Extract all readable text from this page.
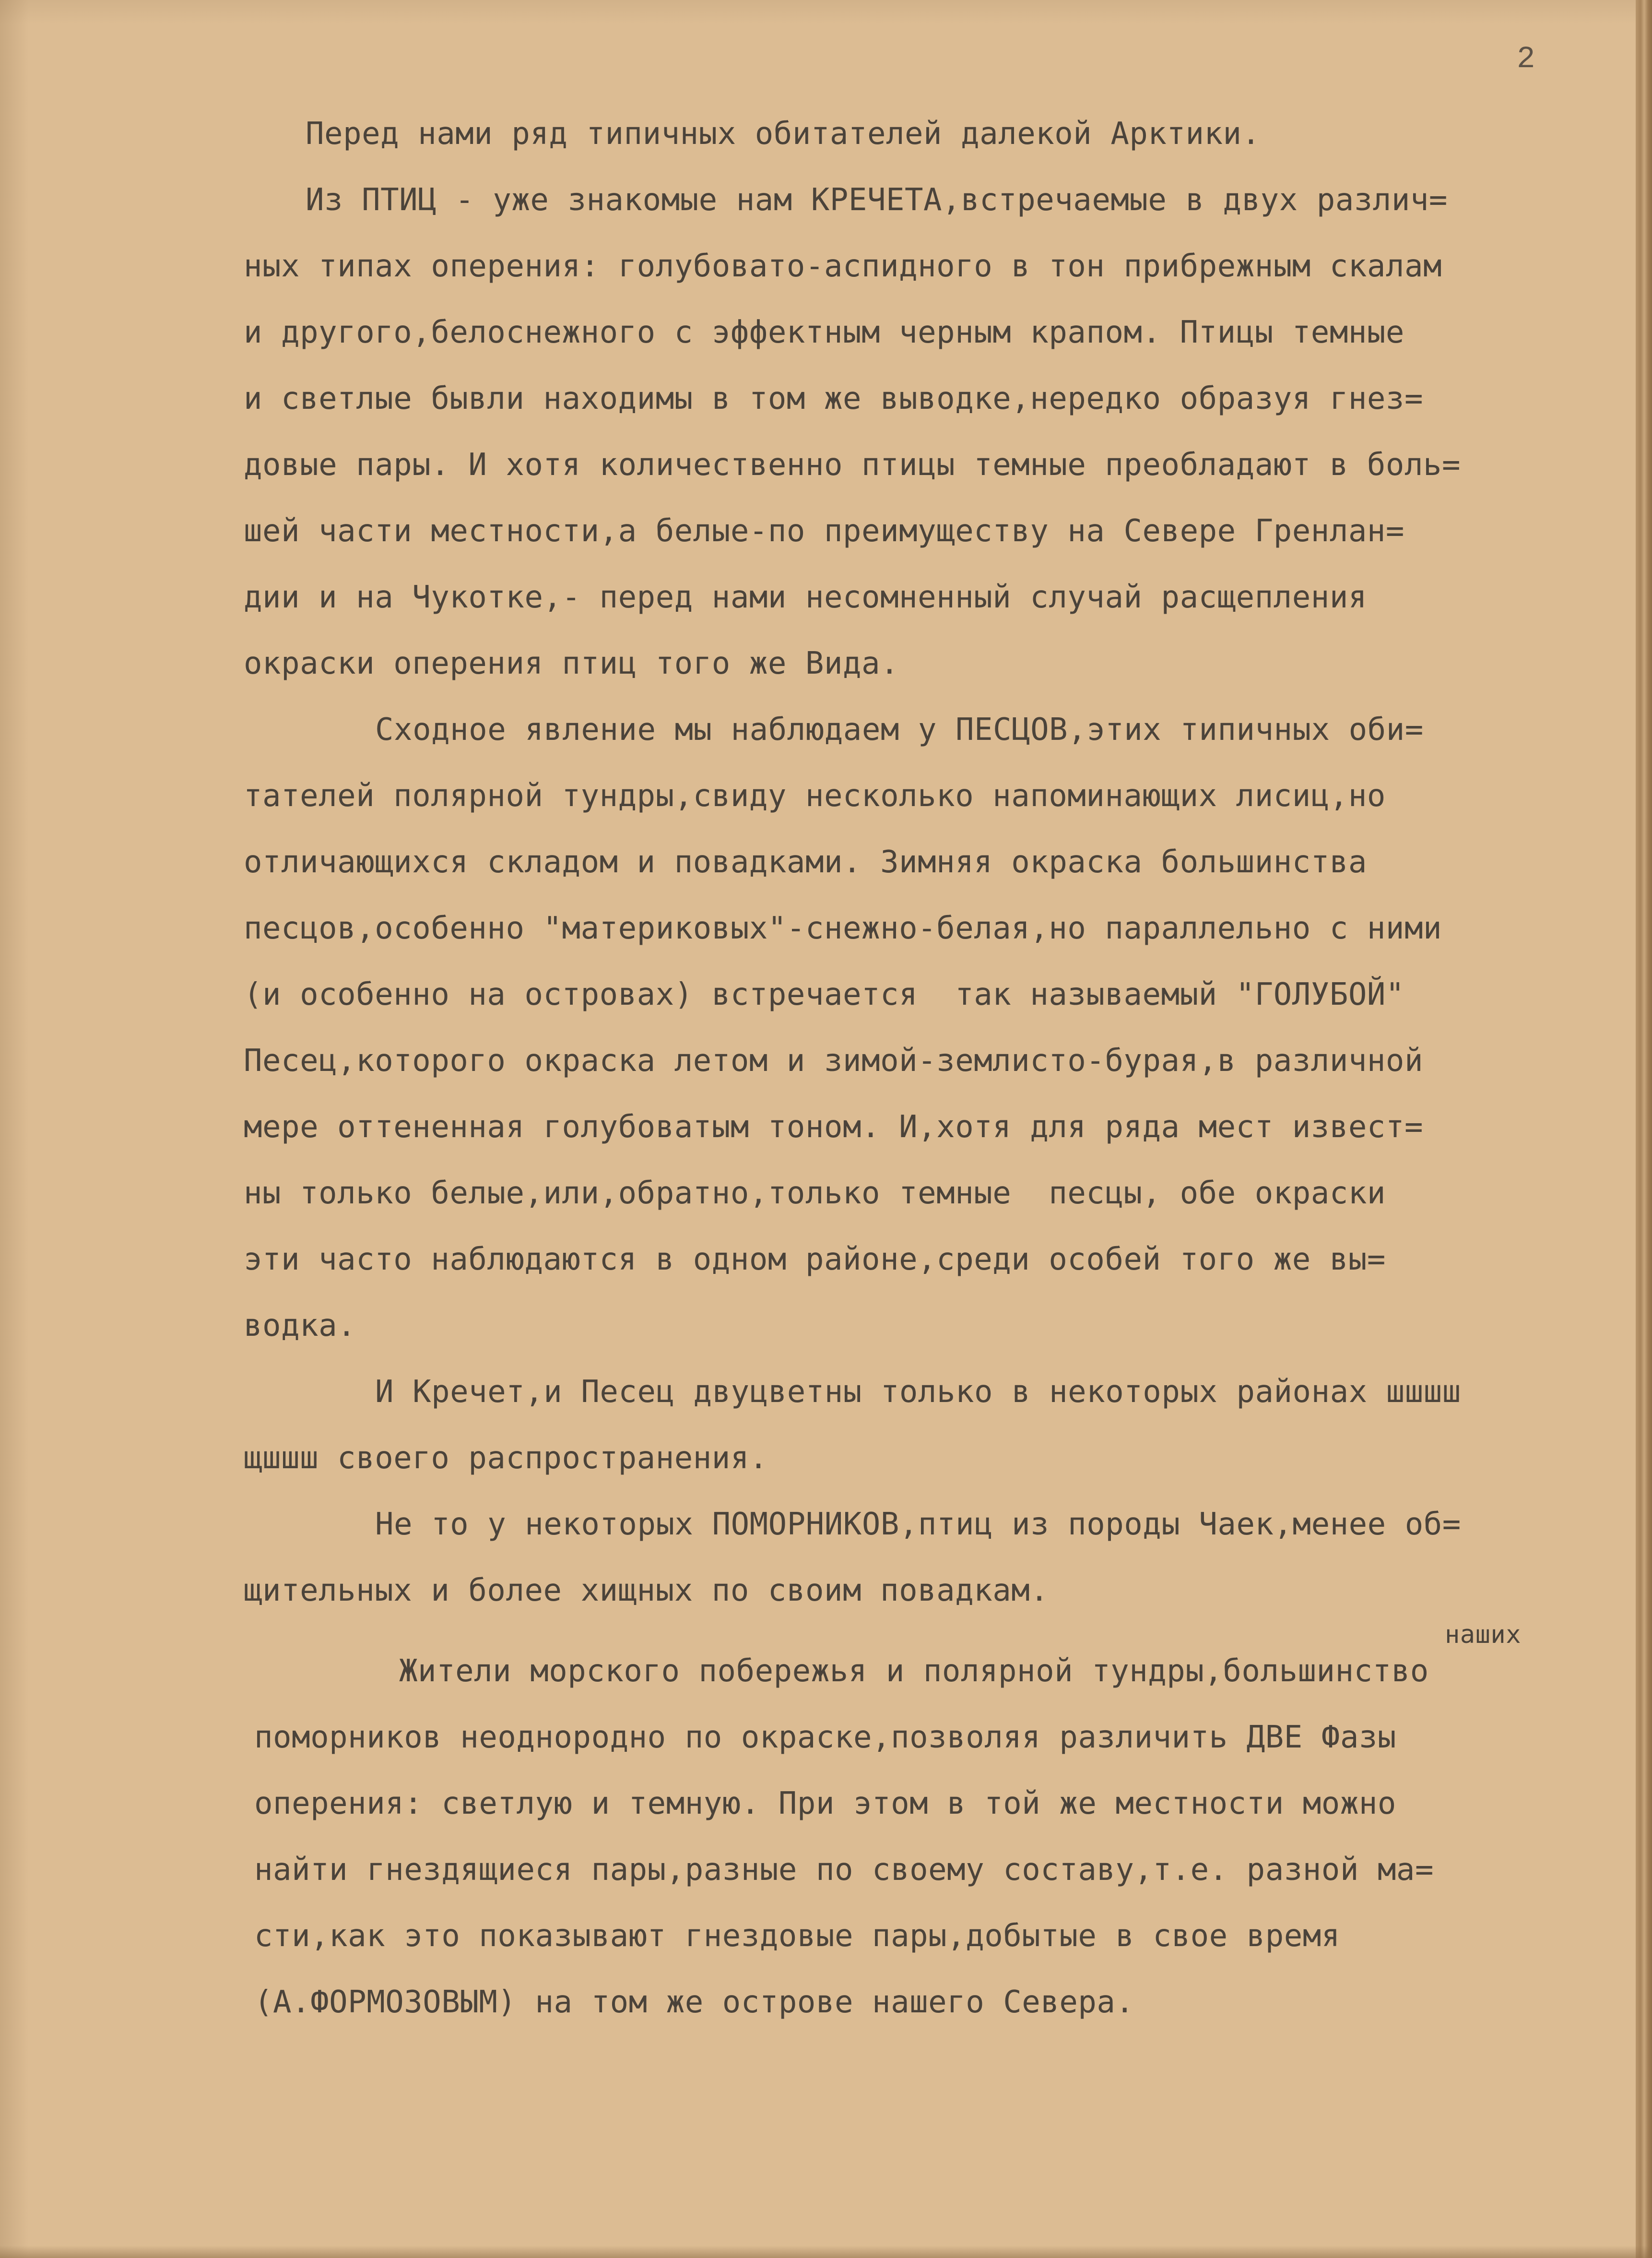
2
Перед нами ряд типичных обитателей далекой Арктики.
Из ПТИЦ - уже знакомые нам КРЕЧЕТА,встречаемые в двух различ=
ных типах оперения: голубовато-аспидного в тон прибрежным скалам
и другого,белоснежного с эффектным черным крапом. Птицы темные
и светлые бывли находимы в том же выводке,нередко образуя гнез=
довые пары. И хотя количественно птицы темные преобладают в боль=
шей части местности,а белые-по преимуществу на Севере Гренлан=
дии и на Чукотке,- перед нами несомненный случай расщепления
окраски оперения птиц того же Вида.
Сходное явление мы наблюдаем у ПЕСЦОВ,этих типичных оби=
тателей полярной тундры,свиду несколько напоминающих лисиц,но
отличающихся складом и повадками. Зимняя окраска большинства
песцов,особенно "материковых"-снежно-белая,но параллельно с ними
(и особенно на островах) встречается  так называемый "ГОЛУБОЙ"
Песец,которого окраска летом и зимой-землисто-бурая,в различной
мере оттененная голубоватым тоном. И,хотя для ряда мест извест=
ны только белые,или,обратно,только темные  песцы, обе окраски
эти часто наблюдаются в одном районе,среди особей того же вы=
водка.
И Кречет,и Песец двуцветны только в некоторых районах шшшш
щшшш своего распространения.
Не то у некоторых ПОМОРНИКОВ,птиц из породы Чаек,менее об=
щительных и более хищных по своим повадкам.
наших
Жители морского побережья и полярной тундры,большинство
поморников неоднородно по окраске,позволяя различить ДВЕ Фазы
оперения: светлую и темную. При этом в той же местности можно
найти гнездящиеся пары,разные по своему составу,т.е. разной ма=
сти,как это показывают гнездовые пары,добытые в свое время
(А.ФОРМОЗОВЫМ) на том же острове нашего Севера.
